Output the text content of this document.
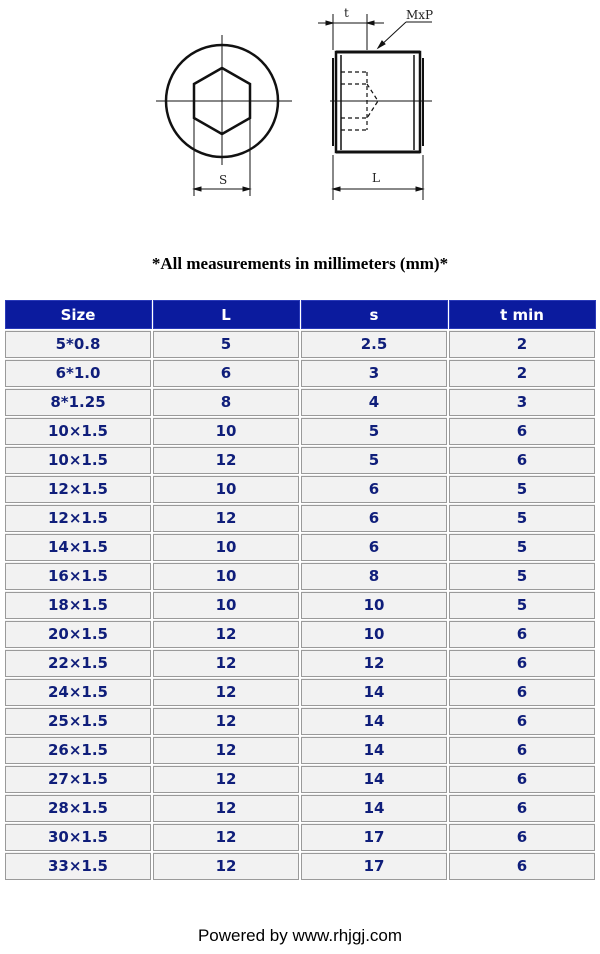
S
t	MxP
L
*All measurements in millimeters (mm)*
Size	L	s	t min
5*0.8	5	2.5	2
6*1.0	6	3	2
8*1.25	8	4	3
10×1.5	10	5	6
10×1.5	12	5	6
12×1.5	10	6	5
12×1.5	12	6	5
14×1.5	10	6	5
16×1.5	10	8	5
18×1.5	10	10	5
20×1.5	12	10	6
22×1.5	12	12	6
24×1.5	12	14	6
25×1.5	12	14	6
26×1.5	12	14	6
27×1.5	12	14	6
28×1.5	12	14	6
30×1.5	12	17	6
33×1.5	12	17	6
Powered by www.rhjgj.com
